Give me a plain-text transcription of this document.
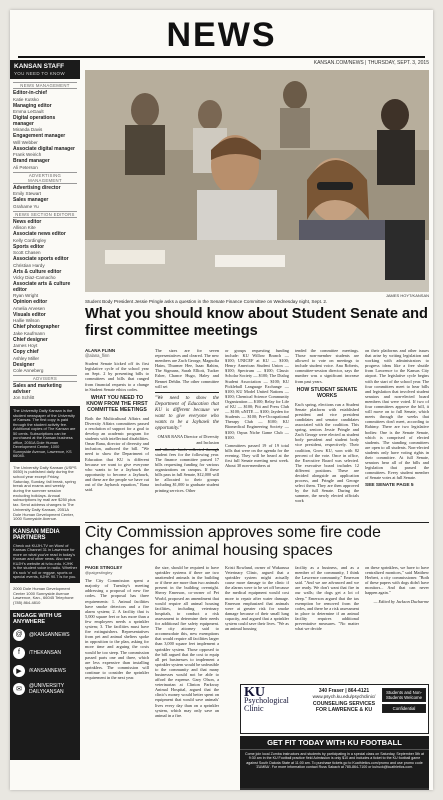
NEWS
KANSAN STAFF
YOU NEED TO KNOW
NEWS MANAGEMENT
Editor-in-chief
Katie Kutsko
Managing editor
Emma LeGault
Digital operations manager
Miranda Davis
Engagement manager
Will Webber
Associate digital manager
Frank Weirich
Brand manager
Ali Peterson
ADVERTISING MANAGEMENT
Advertising director
Emily Stewart
Sales manager
Grahame Yu
NEWS SECTION EDITORS
News editor
Allison Kite
Associate news editor
Kelly Cordingley
Sports editor
Scott Chasen
Associate sports editor
Christian Hardy
Arts & culture editor
Vicky Diaz-Camacho
Associate arts & culture editor
Ryan Wright
Opinion editor
Amelia Arvesen
Visuals editor
Hallie Wilson
Chief photographer
Jake Kaufmann
Chief designer
James Hoyt
Copy chief
Ashley Miller
Designer
Cole Anneberg
ADVISERS
Sales and marketing adviser
Jon Schlitt
The University Daily Kansan is the student newspaper of the University of Kansas. The first copy is paid through the student activity fee. Additional copies of The Kansan are 50 cents. Subscriptions can be purchased at the Kansan business office, 2051A Dole Human Development Center, 1000 Sunnyside Avenue, Lawrence, KS 66045.
The University Daily Kansan (USPS 0650) is published daily during the school year except Friday, Saturday, Sunday, fall break, spring break and exams and weekly during the summer session excluding holidays. Annual subscriptions by mail are $250 plus tax. Send address changes to The University Daily Kansan, 2051A Dole Human Development Center, 1000 Sunnyside Avenue.
KANSAN MEDIA PARTNERS
Check out KUJH-TV on Wow! of Kansas Channel 31 in Lawrence for more on what you've read in today's Kansan and other news. Also see KUJH's website at tv.ku.edu. KJHK is the student voice in radio. Whether it's rock 'n' roll or reggae, sports or special events, KJHK 90.7 is for you.
2000 Dole Human Development Center 1000 Sunnyside Avenue Lawrence, Kan., 66045 Telephone (785) 864-4810
ENGAGE WITH US
ANYWHERE
@	@KANSANNEWS
f	/THEKANSAN
▶	/KANSANNEWS
✉	@UNIVERSITY DAILYKANSAN
KANSAN.COM/NEWS | THURSDAY, SEPT. 3, 2015
JAMES HOYT/KANSAN
Student Body President Jessie Pringle asks a question in the Senate Finance Committee on Wednesday night, Sept. 2.
What you should know about Student Senate and first committee meetings
ALANA FLINN
@alana_flinn
Student Senate kicked off its first legislative cycle of the school year on Sept. 2 by presenting bills to committees and bills that ranged from financial requests to a change in Student Senate ethics codes.
WHAT YOU NEED TO KNOW FROM THE FIRST COMMITTEE MEETINGS
Both the Multicultural Affairs and Diversity Affairs committees passed a resolution of support for a goal to develop an academic program for students with intellectual disabilities. Omar Rana, director of diversity and inclusion, authored the bill. "We need to show the Department of Education that KU is different because we want to give everyone who wants to be a Jayhawk the opportunity to become a Jayhawk, and these are the people we have cut out of the Jayhawk equation," Rana said.
The sizes are for seven representatives and cleared. The new members are Zach George, Magnolia Haim, Thurmer Hee, Isaac Rahim, The Sigmans, Sarah Elliott, Tucker Esber, Chance Hugo, Haley and Bennet Dehlin. The other committee will set
"We need to show the Department of Education that KU is different because we want to give everyone who wants to be a Jayhawk the opportunity."
OMAR RANA Director of Diversity and Inclusion
and allocate funds collected through student fees for the following year. The finance committee passed 17 bills requesting funding for various organizations on campus. If these bills pass in full Senate, $12,000 will be allocated to their groups including $1,000 to graduate student printing services. Other
or groups requesting funding include: KU Willow Branch — $100; UNICEF at KU — $100; Henry American Student Union — $100; Spectrum — $100; Classic Scholar Society — $100; The Dialog Student Association — $100; KU Pickleball Language Exchange — $100; KU Model United Nations — $100; Chemical Science Community Organization — $100; Relay for Life of KU — $100; Pitt and Press Club — $100; uNITE — $100; Jayden for Students — $100; Pre-Occupational Therapy Club — $100; KU Biomedical Engineering Society — $100; Orpus Niche Game Club — $100.
Committees passed 19 of 19 total bills that were on the agenda for the evening. They will be heard at the first full Senate meeting next week. About 30 non-members at
tended the committee meetings. Those non-member students are allowed to vote on meetings to include student voice. Ana Roberts, committee-session director, says the number was a significant increase from past years.
HOW STUDENT SENATE WORKS
Each spring, elections run a Student Senate platform with established president and vice president candidates and senator candidates associated with the coalition. This spring, seniors Jessie Pringle and Zach George were elected as student body president and student body vice president, respectively. Their coalition, Grow KU, won with 82 percent of the vote. Once in office, the Executive Board was selected. The executive board includes 12 different positions. These are decided alongside an application process, and Pringle and George select them. They are then approved by the full Senate. During the summer, the newly elected officials work
on their platforms and other issues that arise by writing legislation and working with administrators to progress ideas like a free shuttle from Lawrence to the Kansas City airport. The legislative cycle begins with the start of the school year. The four committees meet to hear bills and legislation that involved student senators and non-elected board members that were voted. If two of four committees approve the bill, it will move on to full Senate, which meets through the weeks that committees don't meet, according to Rahimy. There are two legislative bodies: One is the Senate Senate, which is comprised of elected students. The standing committees are open to all students. Non-elected students only have voting rights in their committee. At full Senate, senators hear all of the bills and legislation that passed the committees. Every student member of Senate votes at full Senate.
SEE SENATE PAGE 5
City Commission approves some fire code changes for animal housing spaces
PAIGE STINGLEY
@paigestingley
The City Commission spent a majority of Tuesday's meeting addressing a proposal of new fire codes. The proposal has three requirements: 1. Animal facilities have smoke detectors and a fire alarm system; 2. A facility that is 5,000 square feet or has more than a few employees needs a sprinkler system; 3. The facilities must have fire extinguishers. Representatives from pet and animal shelters spoke in opposition to the plan, asking for more time and arguing the costs would be too steep. The commission passed parts one and three, which are less expensive than installing sprinklers. The commission will continue to consider the sprinkler requirement in the next year.
the size, should be required to have sprinkler systems if there are two unattended animals in the building or if there are more than two animals present in the building overnight. Sherry Emerson, co-owner of Pet World, proposed an amendment that would require all animal housing facilities, including veterinary hospitals, to conduct a risk assessment to determine their needs for additional fire safety equipment. The city attorney said to accommodate this, new exemptions that would require all facilities larger than 3,000 square feet implement a sprinkler system. Those opposed to the bill argued that the cost to equip all pet businesses to implement a sprinkler system would be unfeasible to the community and that many businesses would not be able to afford the expense. Gary Olson, a veterinarian at Clinton Parkway Animal Hospital, argued that the clinic's money would better spent on equipment that would save animals' lives every day than on a sprinkler system, which may only save an animal in a fire.
Kristi Rowland, owner of Wakarusa Veterinary Clinic, argued that a sprinkler system might actually cause more damage to the clinic if the alarms were to be set off because the medical equipment would cost more to repair after water damage. Emerson emphasized that animals were at greater risk for smoke damage because of their small lung capacity, and argued that a sprinkler system could save their lives. "We as an animal housing
facility as a business, and as a member of the community, I think the Lawrence community," Emerson said. "And we are advanced and we are ready. We don't want that fire in our walls; the dogs get a lot of sleep." Emerson argued that the tax exemption be removed from the codes, and there be a risk assessment in place to determine if an animal facility requires additional preventative measures. "No matter what we decide
on these sprinklers, we have to have centralized monitors," said Matthew Herbert, a city commissioner. "Both of these papers with dogs didn't have monitors... And that can never happen again."
— Edited by Jackson Ducharme
KU
Psychological Clinic
340 Fraser | 864-4121
www.psych.ku.edu/psychclinic/
COUNSELING SERVICES FOR LAWRENCE & KU
Students and Non-Students Welcome
Confidential
GET FIT TODAY WITH KU FOOTBALL
Come join local Zumba instructors and students by participating in a special class on Saturday, September 5th at 9:30 am in the KU Football practice field Admission is only $10 and includes a ticket to the KU football game against South Dakota State at 11:00 am. To purchase tickets go to Kuathletics.com/promo and use promo code 'ZUMBA'. For more information contact Russ Sakach at 785-864-7100 or kuhuck@kuathletics.com.
